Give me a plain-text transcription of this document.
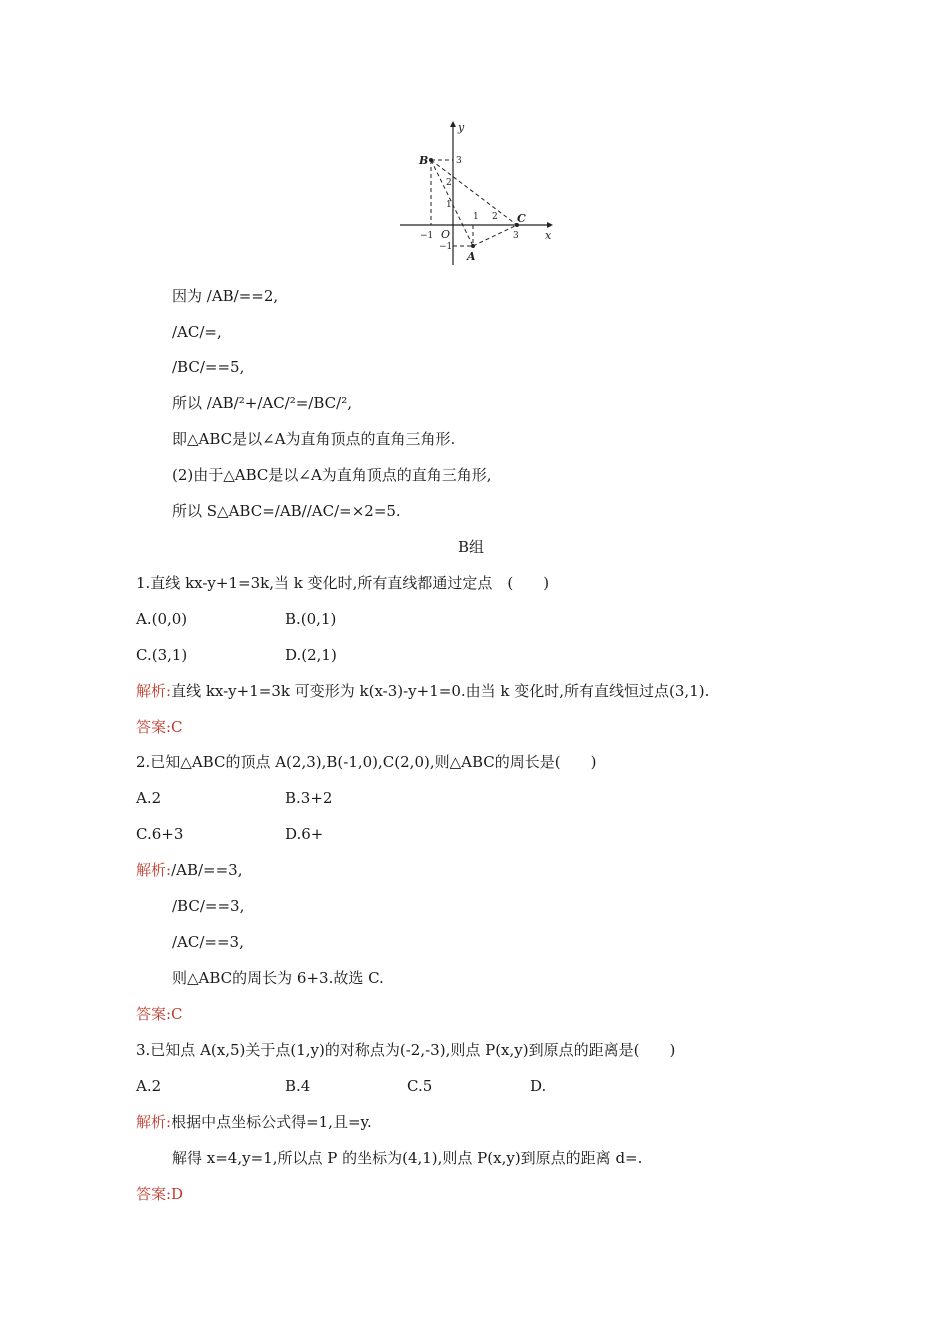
y
x
O
B
A
C
3
2
1
−1
−1
1 2
3
因为 /AB/==2,
/AC/=,
/BC/==5,
所以 /AB/²+/AC/²=/BC/²,
即△ABC是以∠A为直角顶点的直角三角形.
(2)由于△ABC是以∠A为直角顶点的直角三角形,
所以 S△ABC=/AB//AC/=×2=5.
B组
1.直线 kx-y+1=3k,当 k 变化时,所有直线都通过定点　(　　)
A.(0,0)	B.(0,1)
C.(3,1)	D.(2,1)
解析:直线 kx-y+1=3k 可变形为 k(x-3)-y+1=0.由当 k 变化时,所有直线恒过点(3,1).
答案:C
2.已知△ABC的顶点 A(2,3),B(-1,0),C(2,0),则△ABC的周长是(　　)
A.2	B.3+2
C.6+3	D.6+
解析:/AB/==3,
/BC/==3,
/AC/==3,
则△ABC的周长为 6+3.故选 C.
答案:C
3.已知点 A(x,5)关于点(1,y)的对称点为(-2,-3),则点 P(x,y)到原点的距离是(　　)
A.2	B.4	C.5	D.
解析:根据中点坐标公式得=1,且=y.
解得 x=4,y=1,所以点 P 的坐标为(4,1),则点 P(x,y)到原点的距离 d=.
答案:D
